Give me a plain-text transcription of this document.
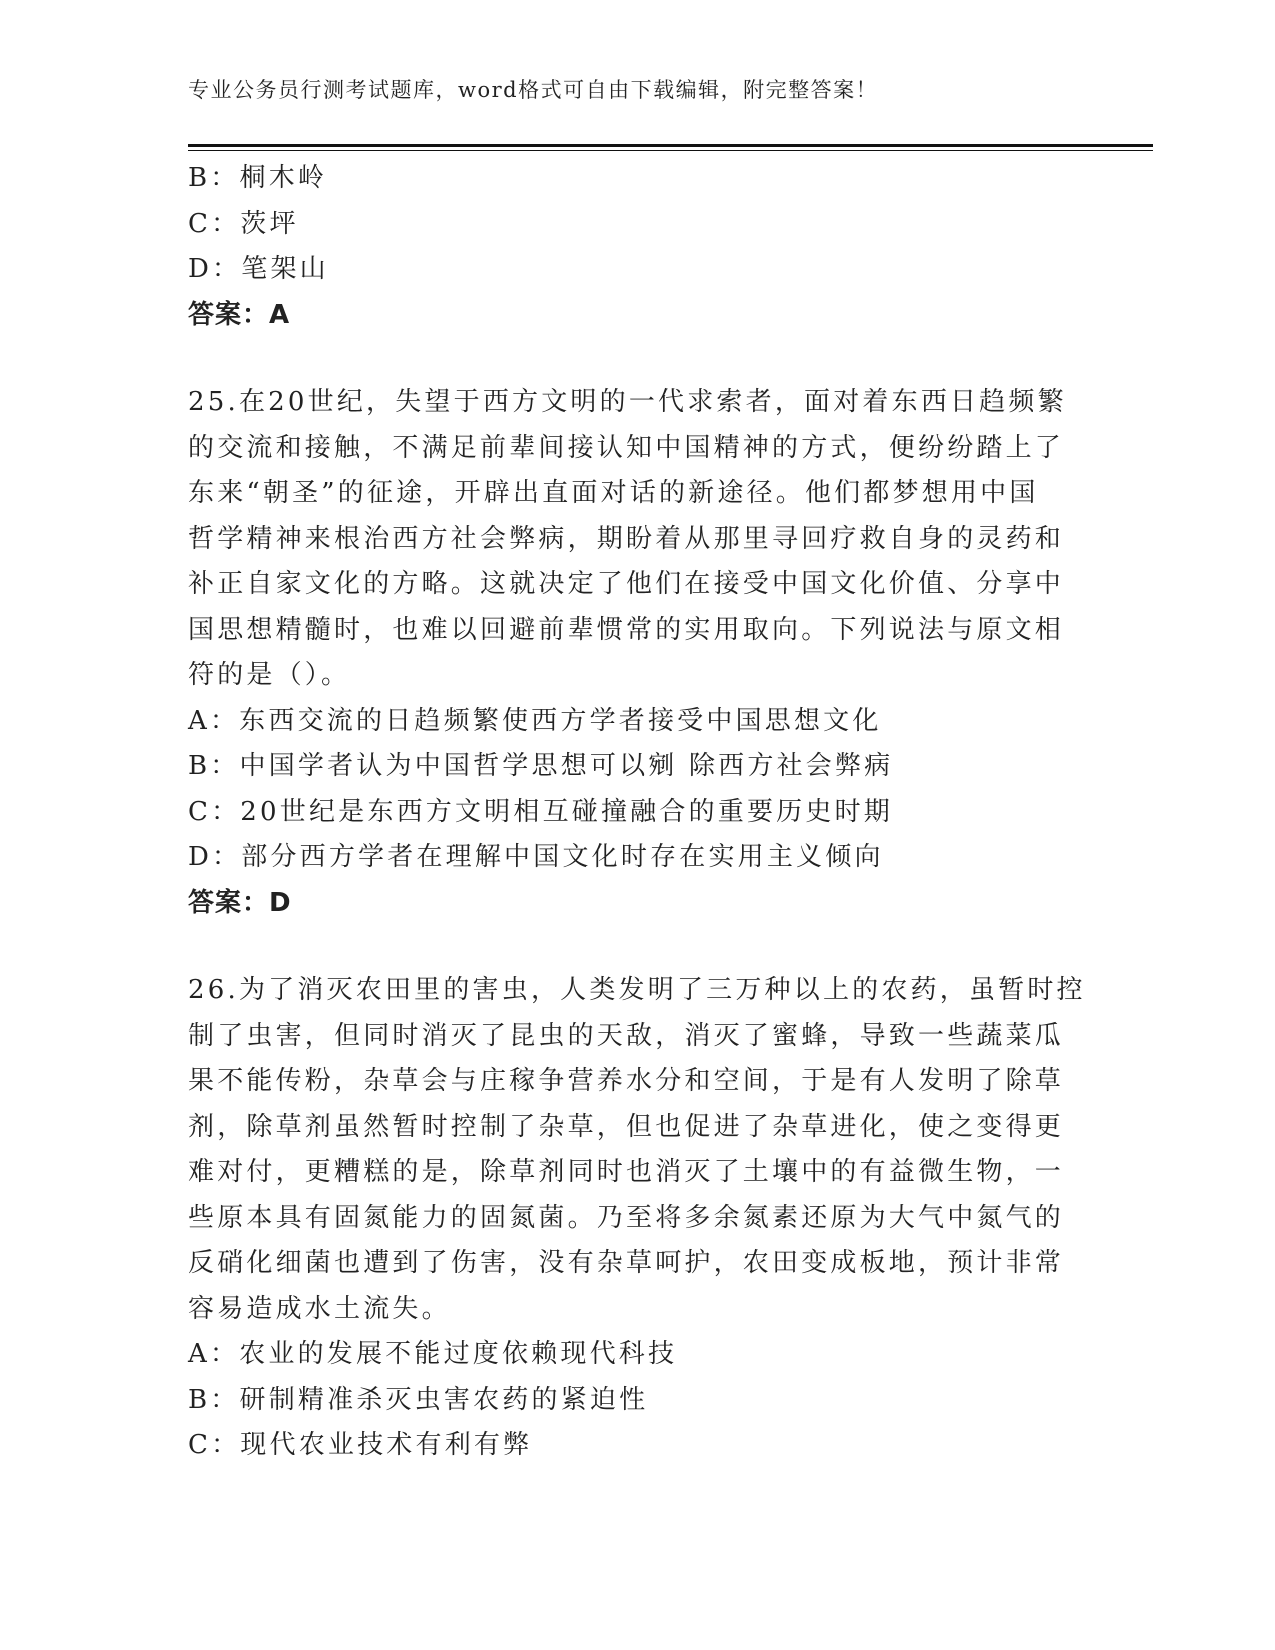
专业公务员行测考试题库，word格式可自由下载编辑，附完整答案！
B：桐木岭
C：茨坪
D：笔架山
答案：A
25.在20世纪，失望于西方文明的一代求索者，面对着东西日趋频繁
的交流和接触，不满足前辈间接认知中国精神的方式，便纷纷踏上了
东来“朝圣”的征途，开辟出直面对话的新途径。他们都梦想用中国
哲学精神来根治西方社会弊病，期盼着从那里寻回疗救自身的灵药和
补正自家文化的方略。这就决定了他们在接受中国文化价值、分享中
国思想精髓时，也难以回避前辈惯常的实用取向。下列说法与原文相
符的是（）。
A：东西交流的日趋频繁使西方学者接受中国思想文化
B：中国学者认为中国哲学思想可以剜 除西方社会弊病
C：20世纪是东西方文明相互碰撞融合的重要历史时期
D：部分西方学者在理解中国文化时存在实用主义倾向
答案：D
26.为了消灭农田里的害虫，人类发明了三万种以上的农药，虽暂时控
制了虫害，但同时消灭了昆虫的天敌，消灭了蜜蜂，导致一些蔬菜瓜
果不能传粉，杂草会与庄稼争营养水分和空间，于是有人发明了除草
剂，除草剂虽然暂时控制了杂草，但也促进了杂草进化，使之变得更
难对付，更糟糕的是，除草剂同时也消灭了土壤中的有益微生物，一
些原本具有固氮能力的固氮菌。乃至将多余氮素还原为大气中氮气的
反硝化细菌也遭到了伤害，没有杂草呵护，农田变成板地，预计非常
容易造成水土流失。
A：农业的发展不能过度依赖现代科技
B：研制精准杀灭虫害农药的紧迫性
C：现代农业技术有利有弊
